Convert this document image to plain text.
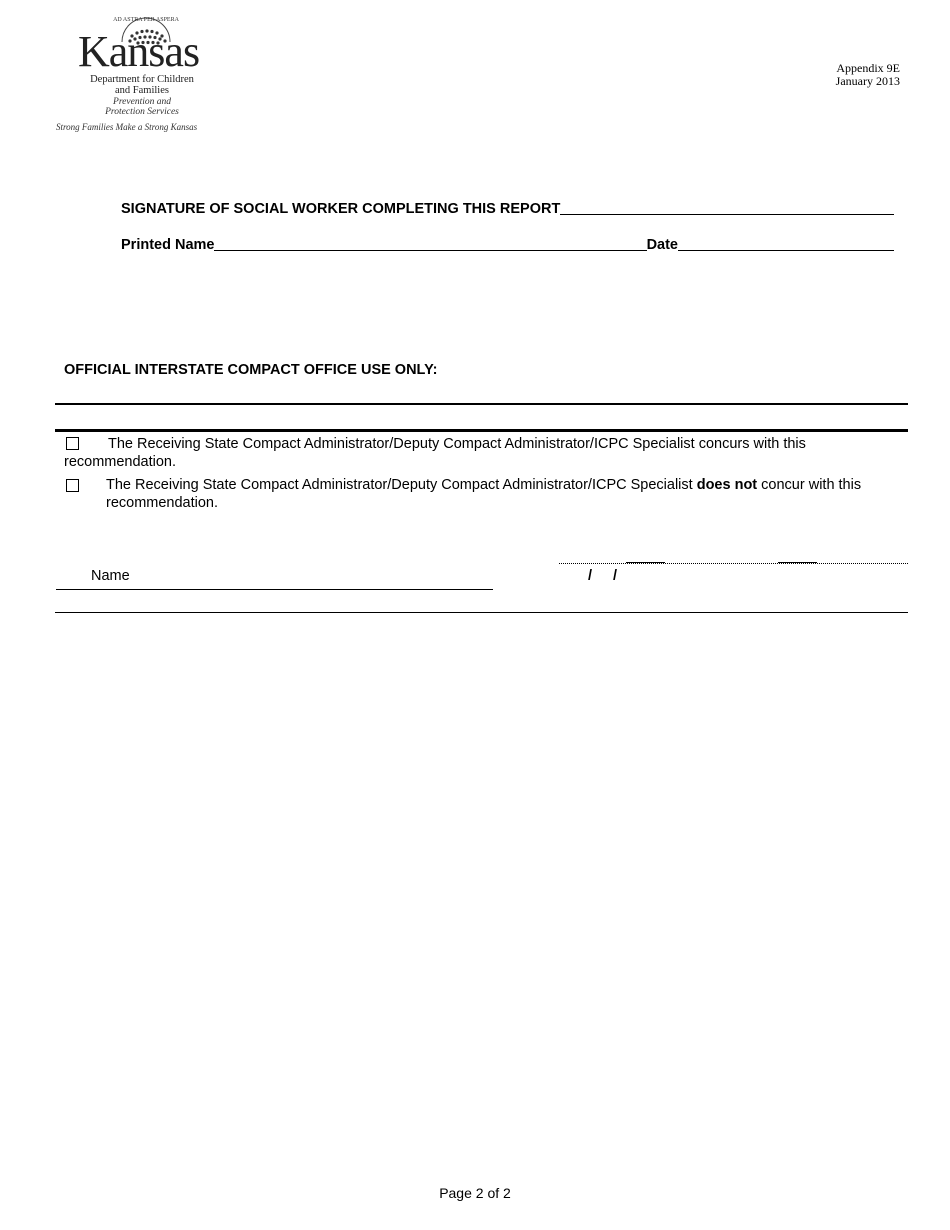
AD ASTRA PER ASPERA
Kansas
Department for Children
and Families
Prevention and
Protection Services
Strong Families Make a Strong Kansas
Appendix 9E
January 2013
SIGNATURE OF SOCIAL WORKER COMPLETING THIS REPORT
Printed Name	Date
OFFICIAL INTERSTATE COMPACT OFFICE USE ONLY:
The Receiving State Compact Administrator/Deputy Compact Administrator/ICPC Specialist concurs with this recommendation.
The Receiving State Compact Administrator/Deputy Compact Administrator/ICPC Specialist does not concur with this recommendation.
Name	/ /
Page 2 of 2
